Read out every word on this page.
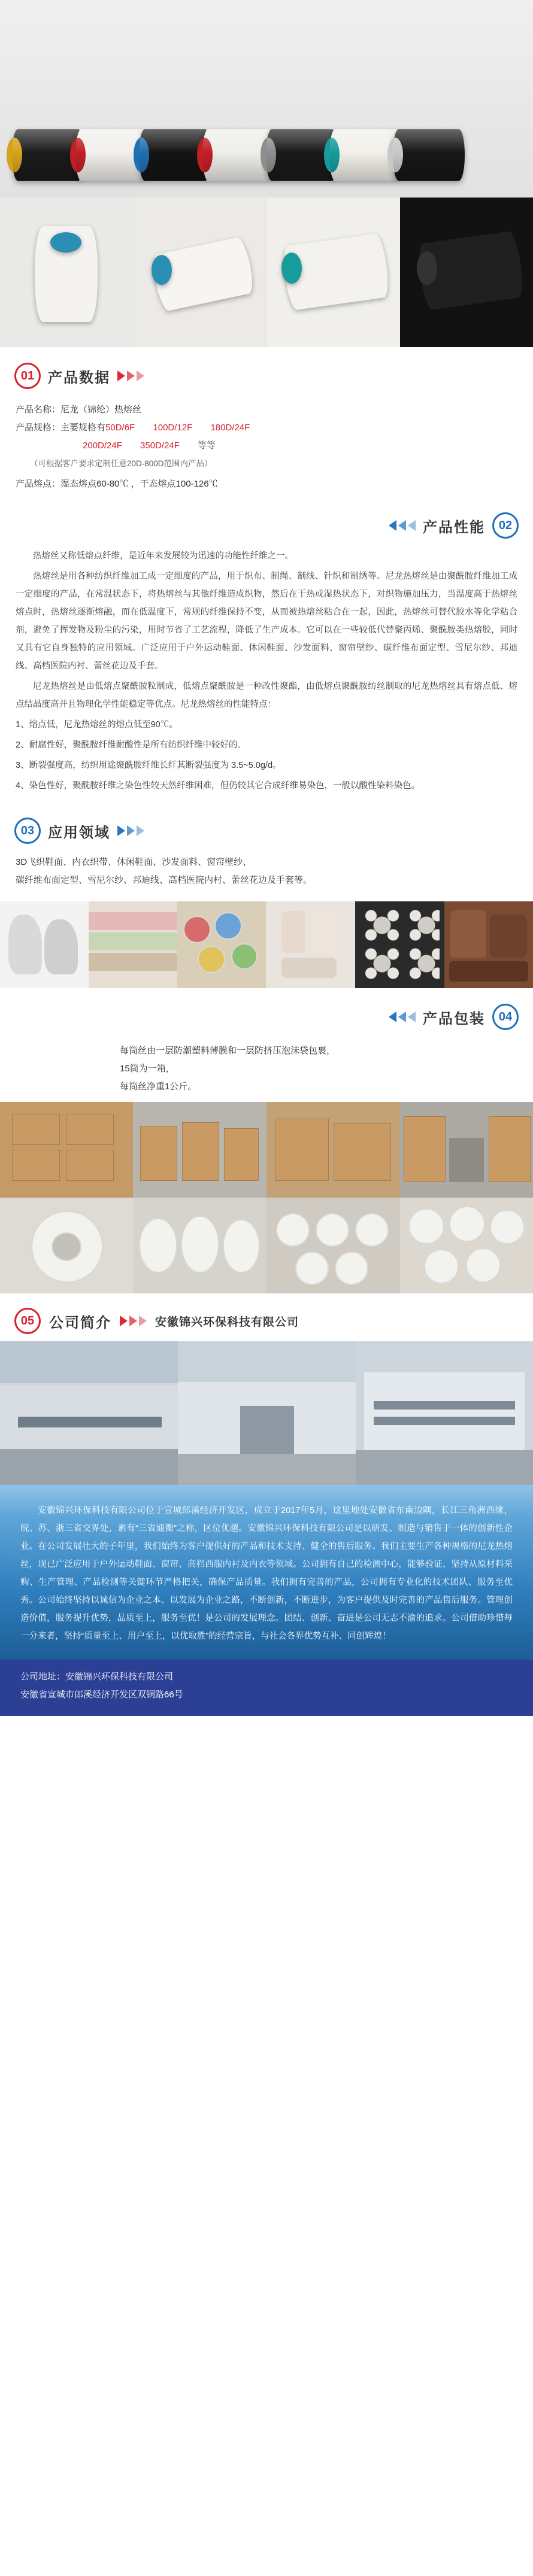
01 产品数据
产品名称： 尼龙（锦纶）热熔丝
产品规格：主要规格有 50D/6F 100D/12F 180D/24F
200D/24F 350D/24F 等等
（可根据客户要求定制任意20D-800D范围内产品）
产品熔点： 湿态熔点60-80℃ ，干态熔点100-126℃
产品性能	02

热熔丝又称低熔点纤维，是近年来发展较为迅速的功能性纤维之一。

热熔丝是用各种纺织纤维加工成一定细度的产品，用于织布、制绳、制线、针织和制绣等。尼龙热熔丝是由聚酰胺纤维加工成一定细度的产品，在常温状态下，将热熔丝与其他纤维造成织物，然后在干热或湿热状态下，对织物施加压力，当温度高于热熔丝熔点时，热熔丝逐渐熔融，而在低温度下，常规的纤维保持不变，从而被热熔丝粘合在一起，因此，热熔丝可替代胶水等化学粘合剂，避免了挥发物及粉尘的污染，用时节省了工艺流程，降低了生产成本。它可以在一些较低代替聚丙烯、聚酰胺类热熔胶，同时又具有它自身独特的应用领域。广泛应用于户外运动鞋面、休闲鞋面、沙发面料、窗帘壁纱、碳纤维布面定型、雪尼尔纱、邦迪线、高档医院内衬、蕾丝花边及手套。

尼龙热熔丝是由低熔点聚酰胺粒制成，低熔点聚酰胺是一种改性聚酯，由低熔点聚酰胺纺丝制取的尼龙热熔丝具有熔点低、熔点结晶度高并且物理化学性能稳定等优点。尼龙热熔丝的性能特点：

1、熔点低，尼龙热熔丝的熔点低至90℃。

2、耐腐性好，聚酰胺纤维耐酸性是所有纺织纤维中较好的。

3、断裂强度高，纺织用途聚酰胺纤维长纤其断裂强度为 3.5~5.0g/d。

4、染色性好，聚酰胺纤维之染色性较天然纤维困难，但仍较其它合成纤维易染色，一般以酸性染料染色。

03 应用领域
3D飞织鞋面、内衣织带、休闲鞋面、沙发面料、窗帘壁纱、
碳纤维布面定型、雪尼尔纱、邦迪线、高档医院内村、蕾丝花边及手套等。
产品包装	04
每筒丝由一层防潮塑料薄膜和一层防挤压泡沫袋包裹，
15筒为一箱，
每筒丝净重1公斤。
05	公司简介	安徽锦兴环保科技有限公司

安徽锦兴环保科技有限公司位于宣城郎溪经济开发区，成立于2017年5月，这里地处安徽省东南边隅，长江三角洲西缘，皖、苏、浙三省交界处，素有“三省通衢”之称，区位优越。安徽锦兴环保科技有限公司是以研发、制造与销售于一体的创新性企业。在公司发展壮大的子年里，我们始终为客户提供好的产品和技术支持、健全的售后服务。我们主要生产各种规格的尼龙热熔丝，现已广泛应用于户外运动鞋面、窗帘、高档西服内衬及内衣等领域。公司拥有自己的检测中心，能够验证、坚持从原材料采购、生产管理、产品检测等关键环节严格把关，确保产品质量。我们拥有完善的产品，公司拥有专业化的技术团队、服务至优秀。公司始终坚持以诚信为企业之本、以发展为企业之路，不断创新，不断进步，为客户提供及时完善的产品售后服务。管理创造价值，服务提升优势，品质至上，服务至优！是公司的发展理念。团结、创新、奋进是公司无志不渝的追求。公司借助珍惜每一分来者，坚持“质量至上、用户至上，以优取胜”的经营宗旨，与社会各界优势互补、同创辉煌！

公司地址：安徽锦兴环保科技有限公司
安徽省宣城市郎溪经济开发区双铜路66号
